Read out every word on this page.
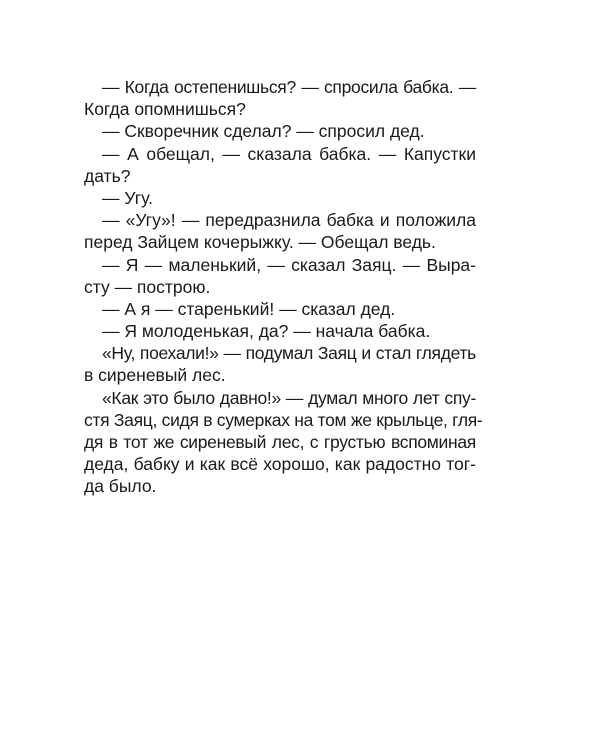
— Когда остепенишься? — спросила бабка. —
Когда опомнишься?
— Скворечник сделал? — спросил дед.
— А обещал, — сказала бабка. — Капустки
дать?
— Угу.
— «Угу»! — передразнила бабка и положила
перед Зайцем кочерыжку. — Обещал ведь.
— Я — маленький, — сказал Заяц. — Выра-
сту — построю.
— А я — старенький! — сказал дед.
— Я молоденькая, да? — начала бабка.
«Ну, поехали!» — подумал Заяц и стал глядеть
в сиреневый лес.
«Как это было давно!» — думал много лет спу-
стя Заяц, сидя в сумерках на том же крыльце, гля-
дя в тот же сиреневый лес, с грустью вспоминая
деда, бабку и как всё хорошо, как радостно тог-
да было.
